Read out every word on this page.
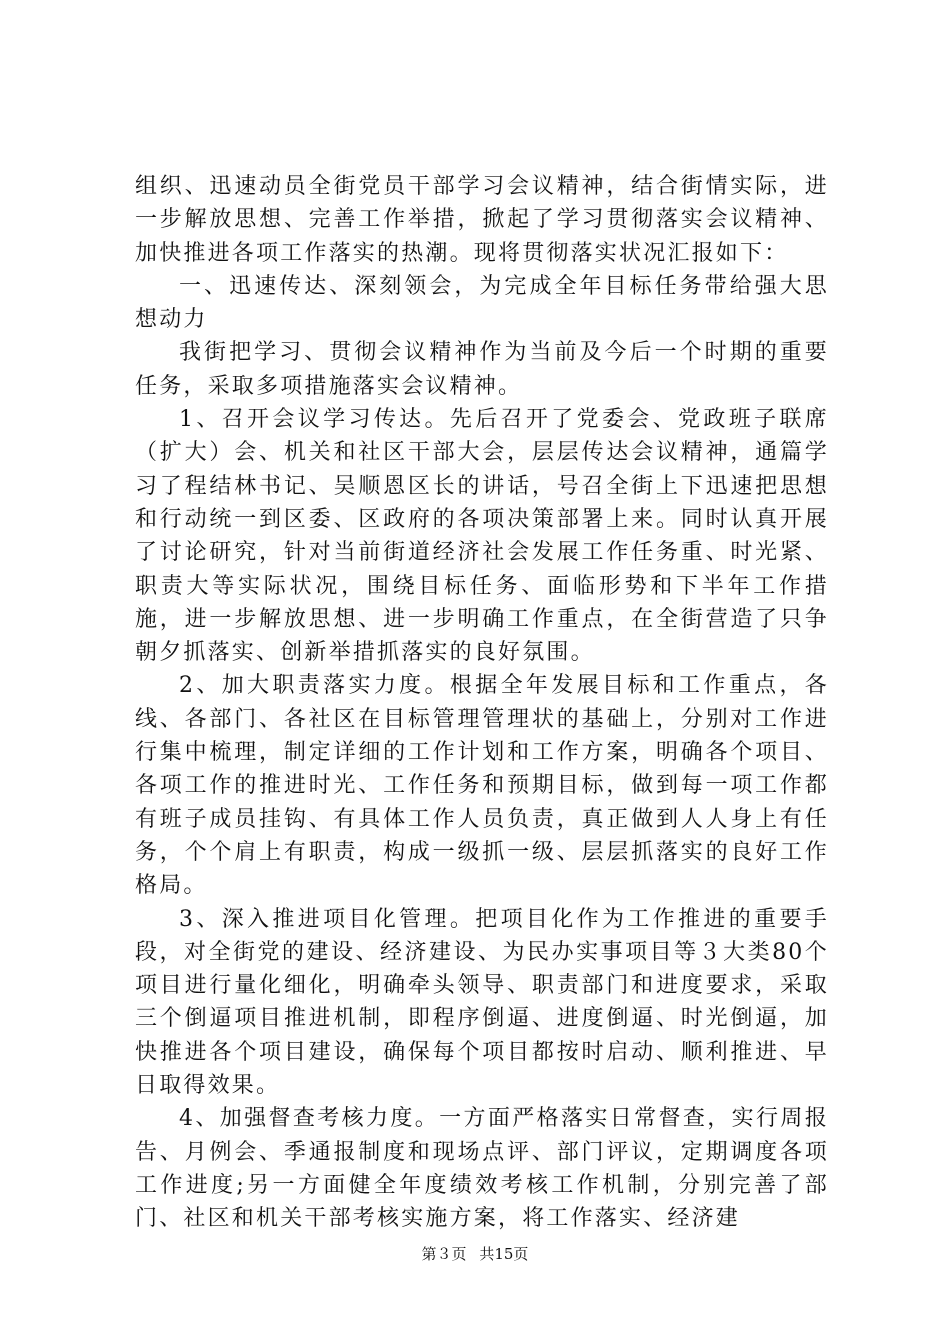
组织、迅速动员全街党员干部学习会议精神，结合街情实际，进一步解放思想、完善工作举措，掀起了学习贯彻落实会议精神、加快推进各项工作落实的热潮。现将贯彻落实状况汇报如下：

一、迅速传达、深刻领会，为完成全年目标任务带给强大思想动力

我街把学习、贯彻会议精神作为当前及今后一个时期的重要任务，采取多项措施落实会议精神。

1、召开会议学习传达。先后召开了党委会、党政班子联席（扩大）会、机关和社区干部大会，层层传达会议精神，通篇学习了程结林书记、吴顺恩区长的讲话，号召全街上下迅速把思想和行动统一到区委、区政府的各项决策部署上来。同时认真开展了讨论研究，针对当前街道经济社会发展工作任务重、时光紧、职责大等实际状况，围绕目标任务、面临形势和下半年工作措施，进一步解放思想、进一步明确工作重点，在全街营造了只争朝夕抓落实、创新举措抓落实的良好氛围。

2、加大职责落实力度。根据全年发展目标和工作重点，各线、各部门、各社区在目标管理管理状的基础上，分别对工作进行集中梳理，制定详细的工作计划和工作方案，明确各个项目、各项工作的推进时光、工作任务和预期目标，做到每一项工作都有班子成员挂钩、有具体工作人员负责，真正做到人人身上有任务，个个肩上有职责，构成一级抓一级、层层抓落实的良好工作格局。

3、深入推进项目化管理。把项目化作为工作推进的重要手段，对全街党的建设、经济建设、为民办实事项目等３大类80个项目进行量化细化，明确牵头领导、职责部门和进度要求，采取三个倒逼项目推进机制，即程序倒逼、进度倒逼、时光倒逼，加快推进各个项目建设，确保每个项目都按时启动、顺利推进、早日取得效果。

4、加强督查考核力度。一方面严格落实日常督查，实行周报告、月例会、季通报制度和现场点评、部门评议，定期调度各项工作进度;另一方面健全年度绩效考核工作机制，分别完善了部门、社区和机关干部考核实施方案，将工作落实、经济建

第３页 共15页
